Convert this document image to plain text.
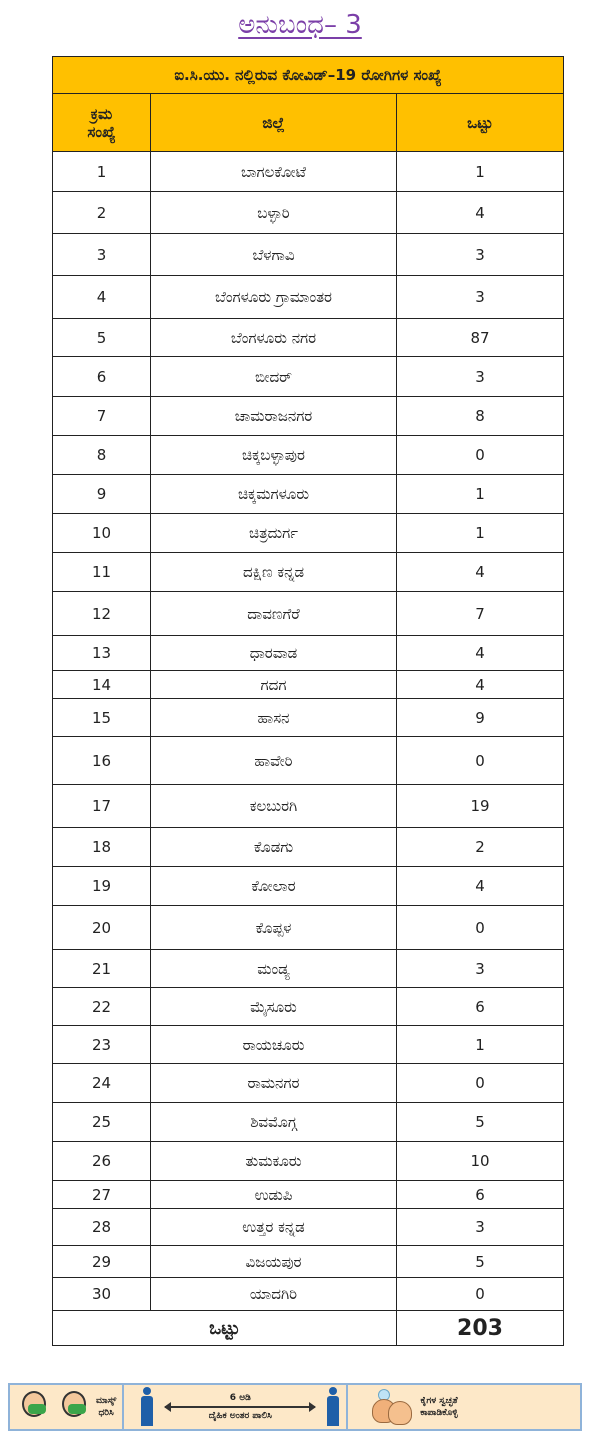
ಅನುಬಂಧ– 3
ಐ.ಸಿ.ಯು. ನಲ್ಲಿರುವ ಕೋವಿಡ್–19 ರೋಗಿಗಳ ಸಂಖ್ಯೆ		
ಕ್ರಮ
ಸಂಖ್ಯೆ	ಜಿಲ್ಲೆ	ಒಟ್ಟು
1	ಬಾಗಲಕೋಟೆ	1
2	ಬಳ್ಳಾರಿ	4
3	ಬೆಳಗಾವಿ	3
4	ಬೆಂಗಳೂರು ಗ್ರಾಮಾಂತರ	3
5	ಬೆಂಗಳೂರು ನಗರ	87
6	ಬೀದರ್	3
7	ಚಾಮರಾಜನಗರ	8
8	ಚಿಕ್ಕಬಳ್ಳಾಪುರ	0
9	ಚಿಕ್ಕಮಗಳೂರು	1
10	ಚಿತ್ರದುರ್ಗ	1
11	ದಕ್ಷಿಣ ಕನ್ನಡ	4
12	ದಾವಣಗೆರೆ	7
13	ಧಾರವಾಡ	4
14	ಗದಗ	4
15	ಹಾಸನ	9
16	ಹಾವೇರಿ	0
17	ಕಲಬುರಗಿ	19
18	ಕೊಡಗು	2
19	ಕೋಲಾರ	4
20	ಕೊಪ್ಪಳ	0
21	ಮಂಡ್ಯ	3
22	ಮೈಸೂರು	6
23	ರಾಯಚೂರು	1
24	ರಾಮನಗರ	0
25	ಶಿವಮೊಗ್ಗ	5
26	ತುಮಕೂರು	10
27	ಉಡುಪಿ	6
28	ಉತ್ತರ ಕನ್ನಡ	3
29	ವಿಜಯಪುರ	5
30	ಯಾದಗಿರಿ	0
ಒಟ್ಟು		203
ಮಾಸ್ಕ್
ಧರಿಸಿ
6 ಅಡಿ
ದೈಹಿಕ ಅಂತರ ಪಾಲಿಸಿ
ಕೈಗಳ ಸ್ವಚ್ಛತೆ
ಕಾಪಾಡಿಕೊಳ್ಳಿ
